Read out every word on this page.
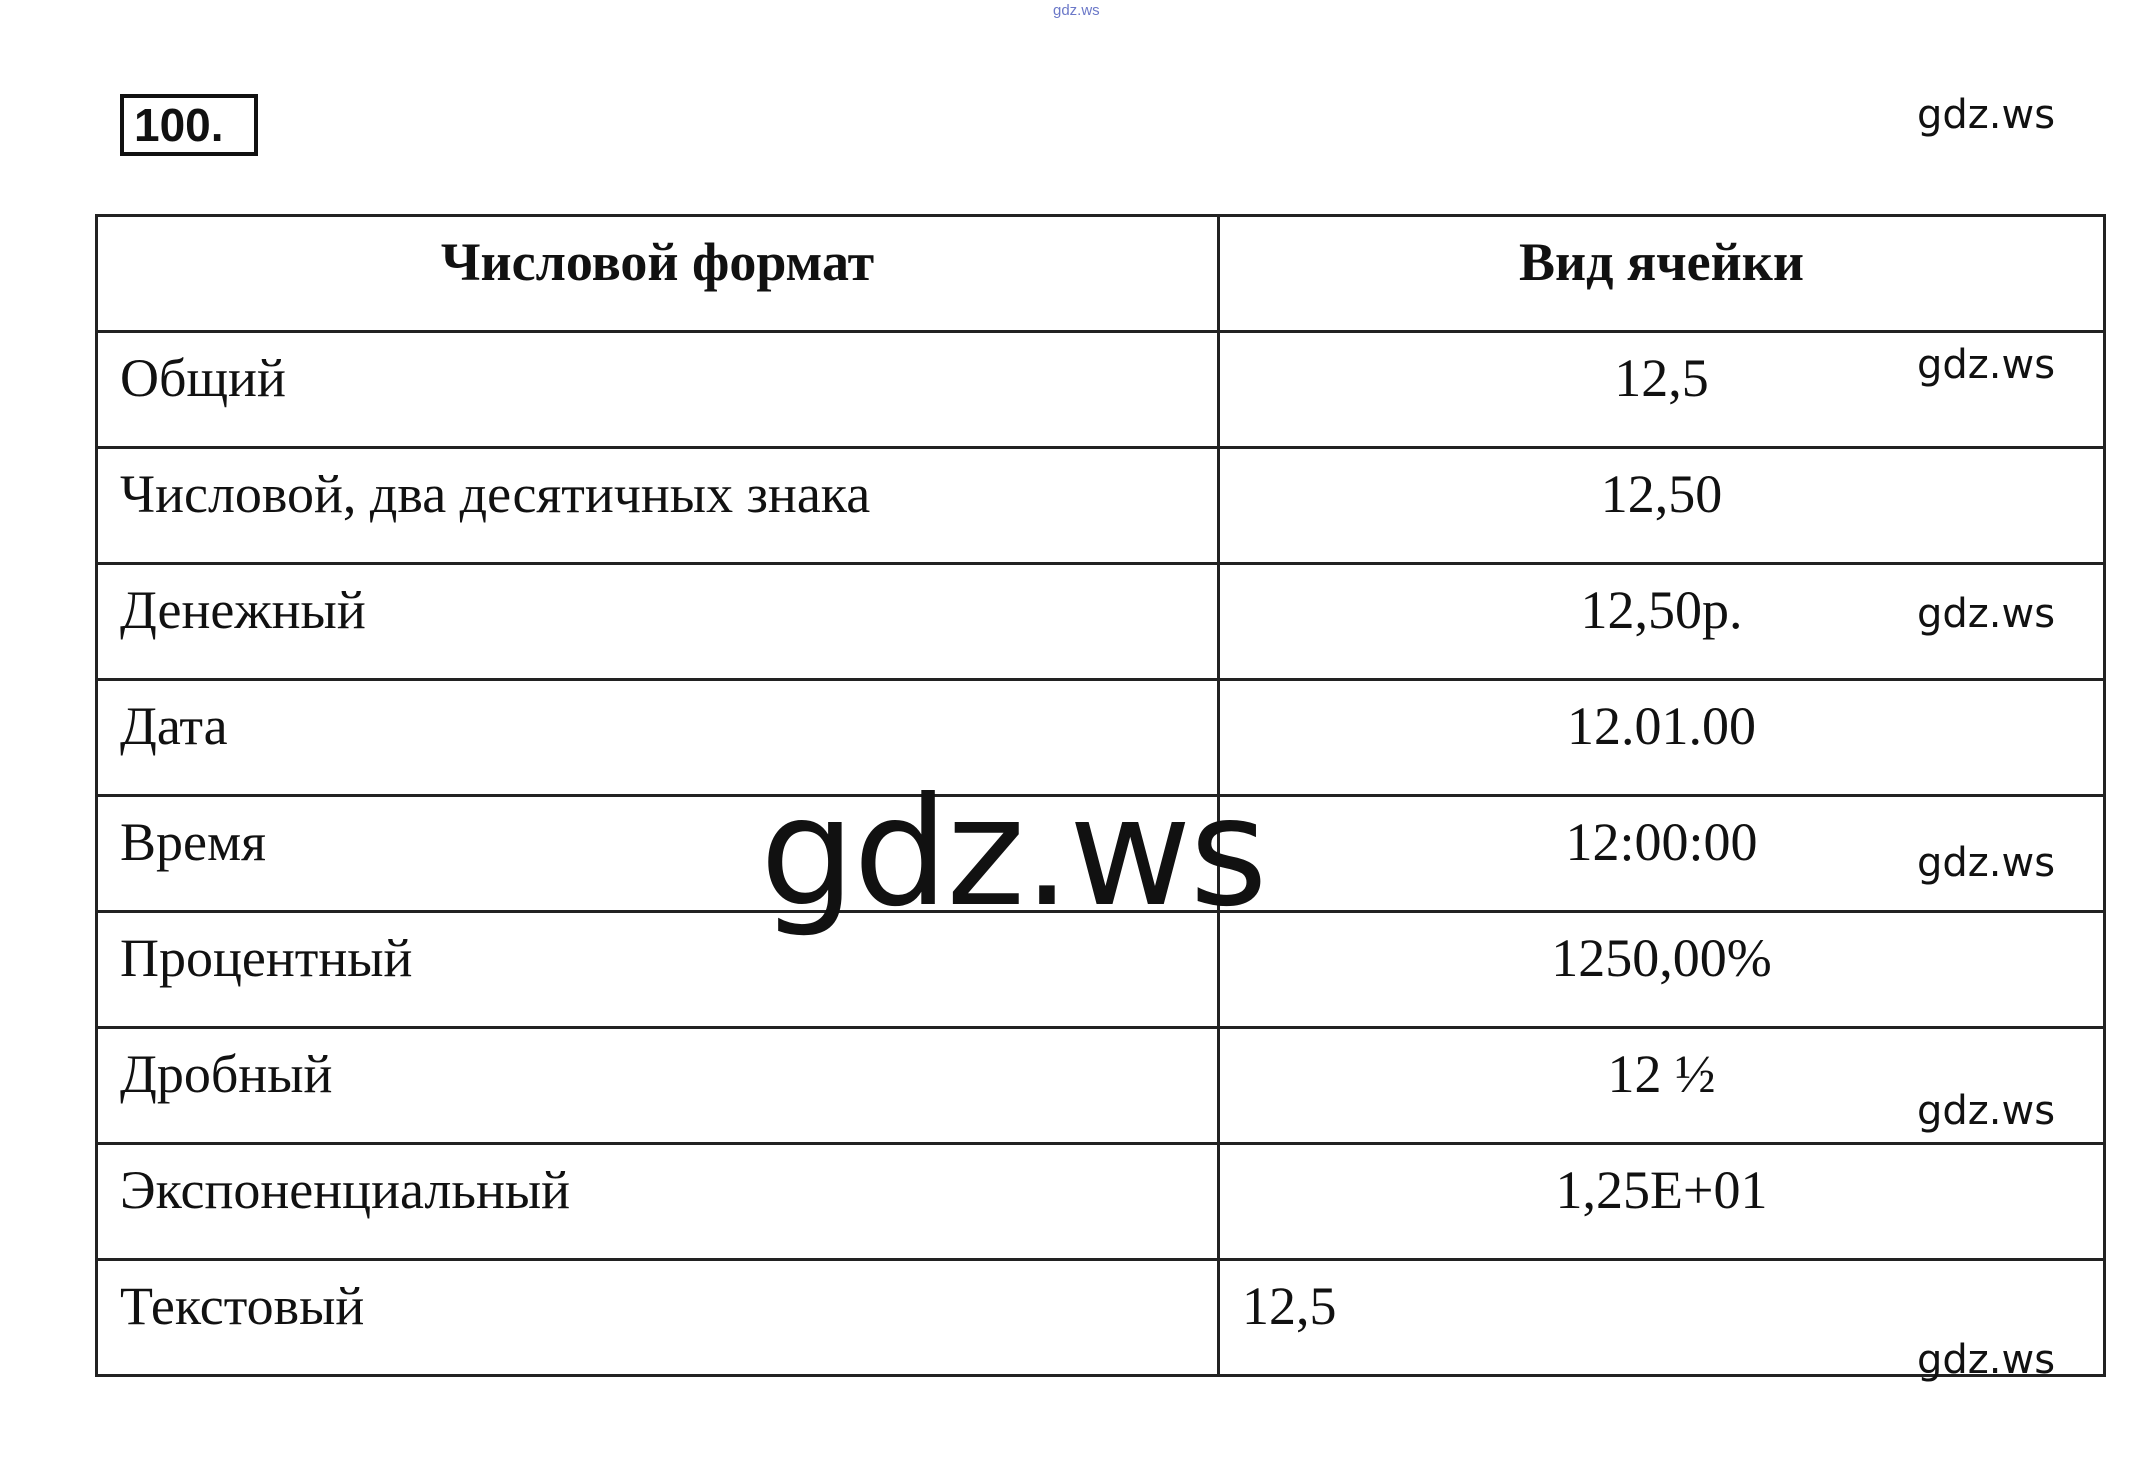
gdz.ws
100.
Числовой формат	Вид ячейки
Общий	12,5
Числовой, два десятичных знака	12,50
Денежный	12,50р.
Дата	12.01.00
Время	12:00:00
Процентный	1250,00%
Дробный	12 ½
Экспоненциальный	1,25E+01
Текстовый	12,5
gdz.ws
gdz.ws
gdz.ws
gdz.ws
gdz.ws
gdz.ws
gdz.ws
